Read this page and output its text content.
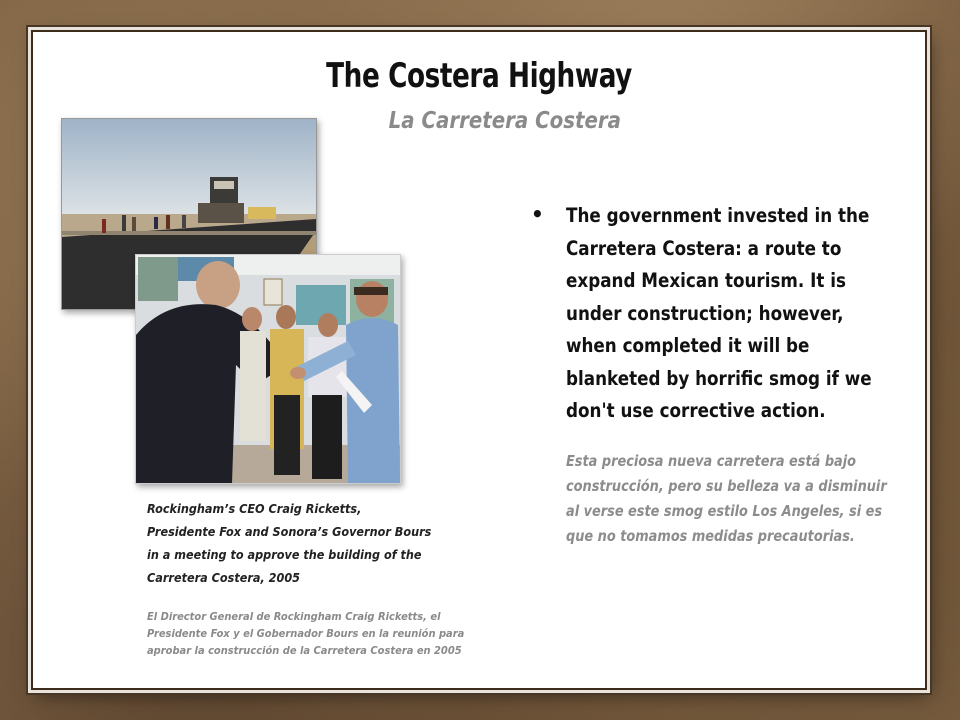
The Costera Highway
La Carretera Costera
Rockingham’s CEO Craig Ricketts,
Presidente Fox and Sonora’s Governor Bours
in a meeting to approve the building of the
Carretera Costera, 2005
El Director General de Rockingham Craig Ricketts, el Presidente Fox y el Gobernador Bours en la reunión para aprobar la construcción de la Carretera Costera en 2005
• The government invested in the Carretera Costera: a route to expand Mexican tourism. It is under construction; however, when completed it will be blanketed by horrific smog if we don't use corrective action.
Esta preciosa nueva carretera está bajo construcción, pero su belleza va a disminuir al verse este smog estilo Los Angeles, si es que no tomamos medidas precautorias.
